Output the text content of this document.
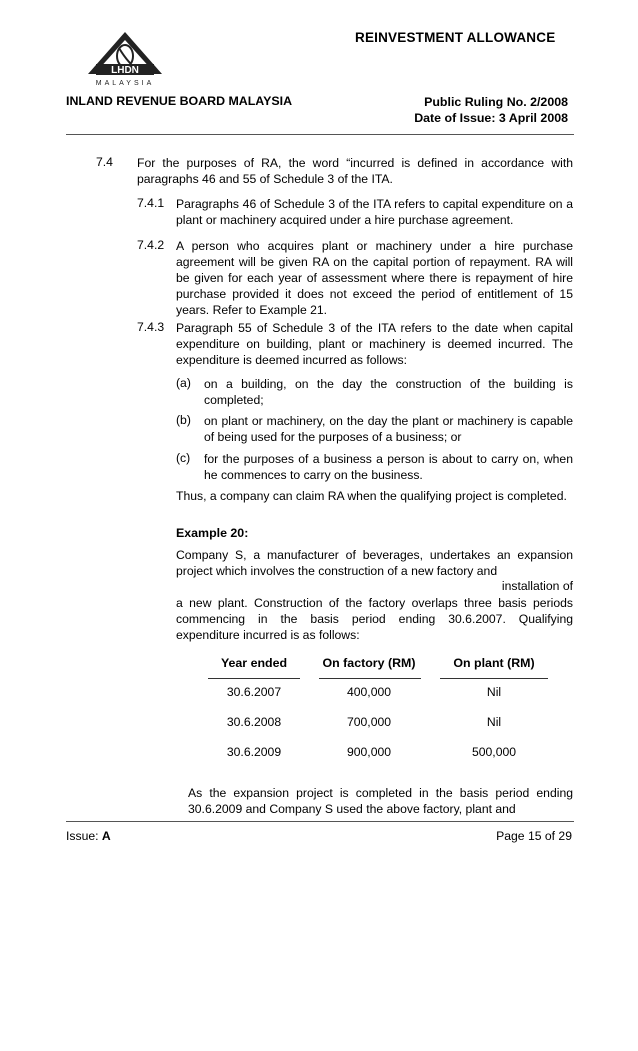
REINVESTMENT ALLOWANCE
LHDN
MALAYSIA
INLAND REVENUE BOARD MALAYSIA	Public Ruling No. 2/2008
Date of Issue: 3 April 2008
7.4 For the purposes of RA, the word “incurred is defined in accordance with paragraphs 46 and 55 of Schedule 3 of the ITA.
7.4.1 Paragraphs 46 of Schedule 3 of the ITA refers to capital expenditure on a plant or machinery acquired under a hire purchase agreement.
7.4.2 A person who acquires plant or machinery under a hire purchase agreement will be given RA on the capital portion of repayment. RA will be given for each year of assessment where there is repayment of hire purchase provided it does not exceed the period of entitlement of 15 years. Refer to Example 21.
7.4.3 Paragraph 55 of Schedule 3 of the ITA refers to the date when capital expenditure on building, plant or machinery is deemed incurred. The expenditure is deemed incurred as follows:
(a) on a building, on the day the construction of the building is completed;
(b) on plant or machinery, on the day the plant or machinery is capable of being used for the purposes of a business; or
(c) for the purposes of a business a person is about to carry on, when he commences to carry on the business.
Thus, a company can claim RA when the qualifying project is completed.
Example 20:
Company S, a manufacturer of beverages, undertakes an expansion project which involves the construction of a new factory and
installation of
a new plant. Construction of the factory overlaps three basis periods commencing in the basis period ending 30.6.2007. Qualifying expenditure incurred is as follows:
Year ended	On factory (RM)	On plant (RM)
30.6.2007	400,000	Nil
30.6.2008	700,000	Nil
30.6.2009	900,000	500,000
As the expansion project is completed in the basis period ending 30.6.2009 and Company S used the above factory, plant and
Issue: A	Page 15 of 29
